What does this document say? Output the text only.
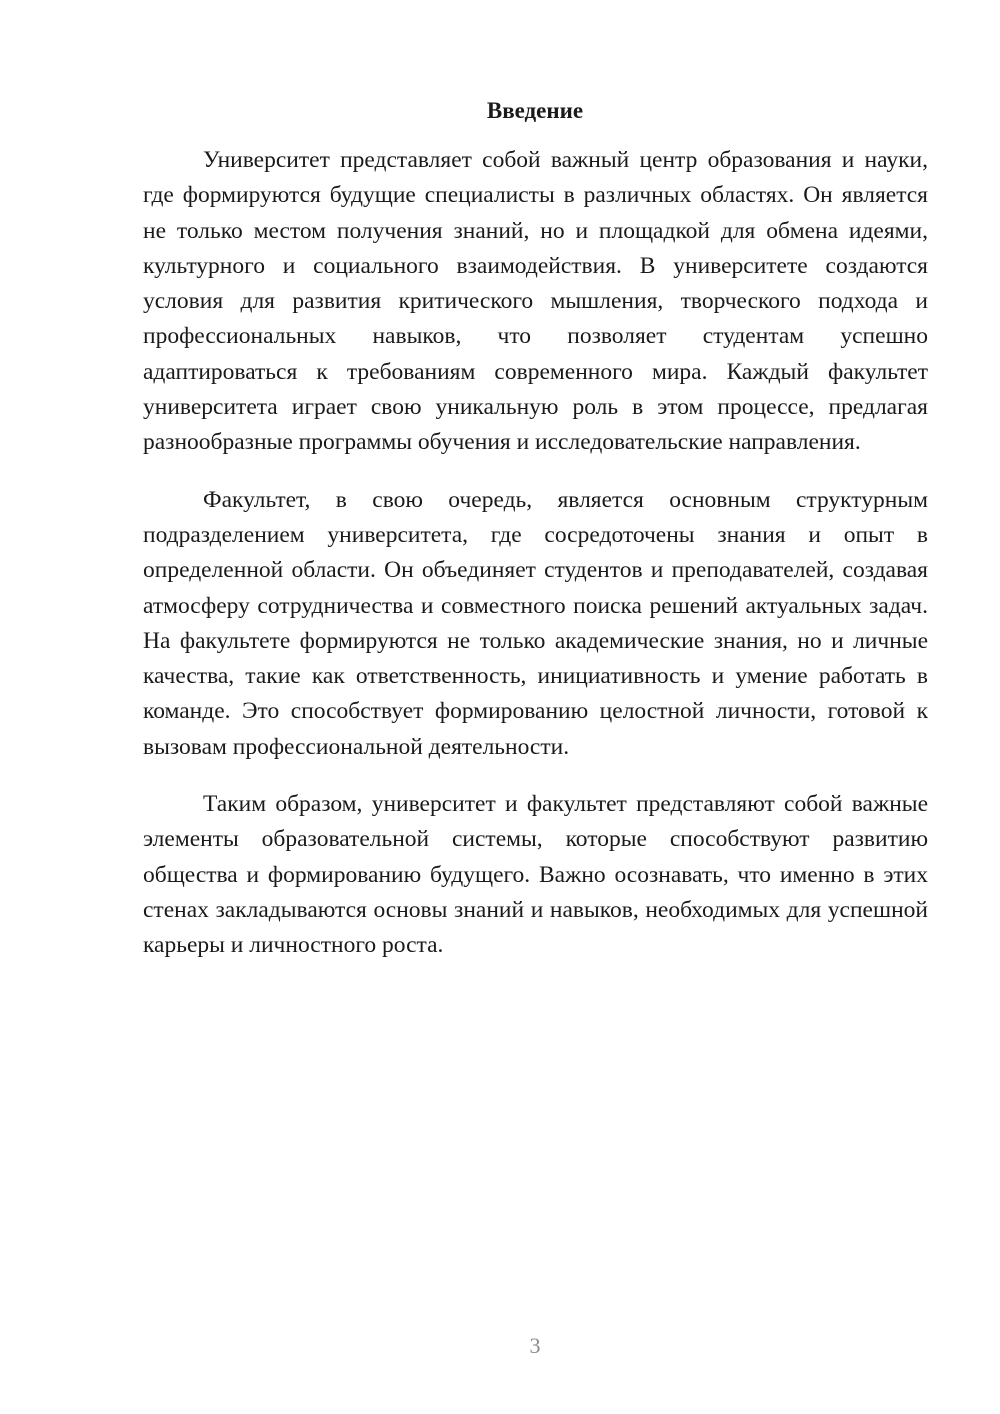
Введение

Университет представляет собой важный центр образования и науки, где формируются будущие специалисты в различных областях. Он является не только местом получения знаний, но и площадкой для обмена идеями, культурного и социального взаимодействия. В университете создаются условия для развития критического мышления, творческого подхода и профессиональных навыков, что позволяет студентам успешно адаптироваться к требованиям современного мира. Каждый факультет университета играет свою уникальную роль в этом процессе, предлагая разнообразные программы обучения и исследовательские направления.

Факультет, в свою очередь, является основным структурным подразделением университета, где сосредоточены знания и опыт в определенной области. Он объединяет студентов и преподавателей, создавая атмосферу сотрудничества и совместного поиска решений актуальных задач. На факультете формируются не только академические знания, но и личные качества, такие как ответственность, инициативность и умение работать в команде. Это способствует формированию целостной личности, готовой к вызовам профессиональной деятельности.

Таким образом, университет и факультет представляют собой важные элементы образовательной системы, которые способствуют развитию общества и формированию будущего. Важно осознавать, что именно в этих стенах закладываются основы знаний и навыков, необходимых для успешной карьеры и личностного роста.

3
